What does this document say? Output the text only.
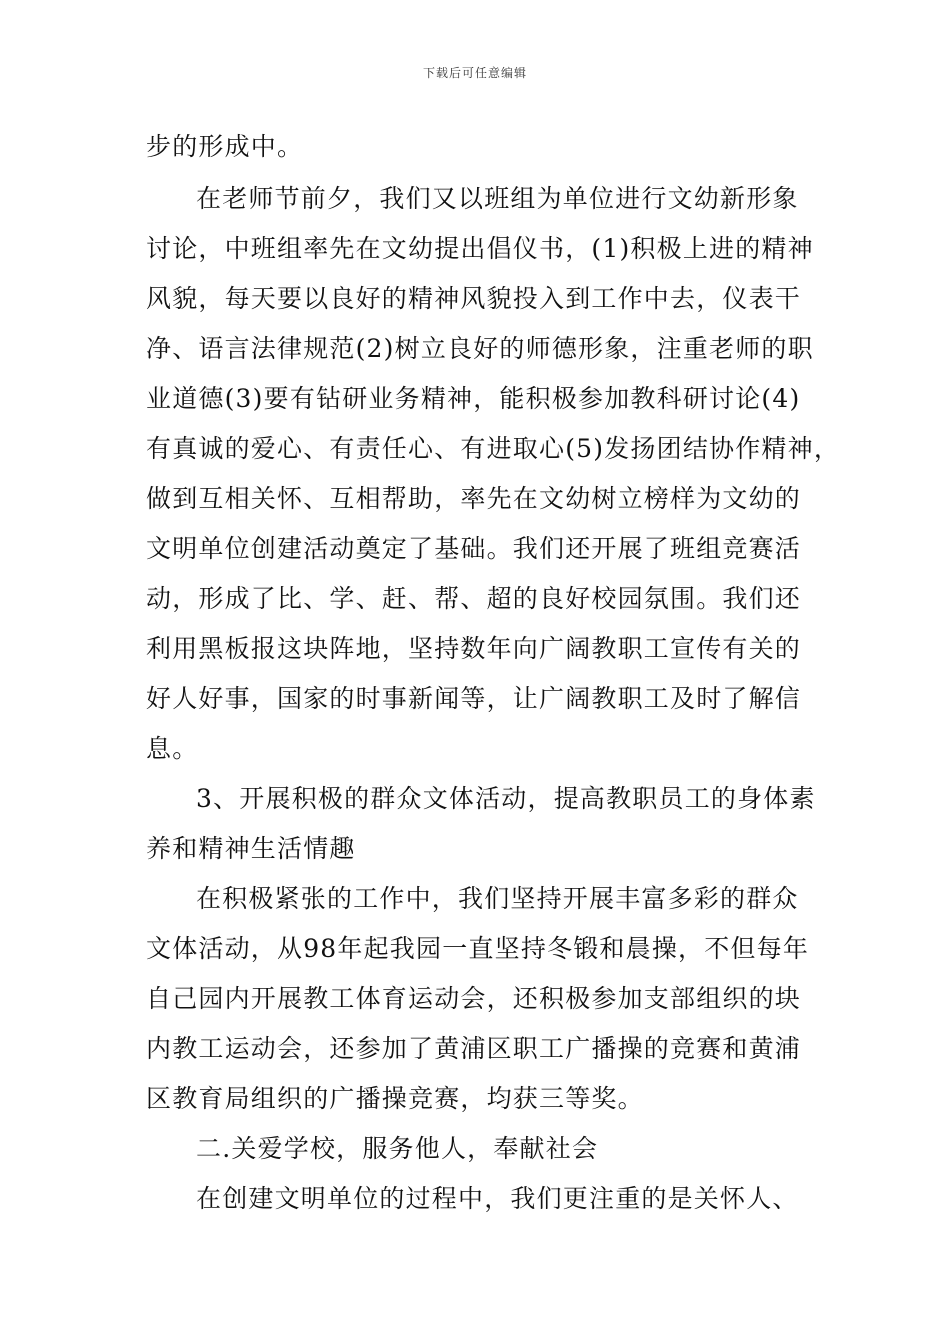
下载后可任意编辑
步的形成中。
在老师节前夕，我们又以班组为单位进行文幼新形象
讨论，中班组率先在文幼提出倡仪书，(1)积极上进的精神
风貌，每天要以良好的精神风貌投入到工作中去，仪表干
净、语言法律规范(2)树立良好的师德形象，注重老师的职
业道德(3)要有钻研业务精神，能积极参加教科研讨论(4)
有真诚的爱心、有责任心、有进取心(5)发扬团结协作精神，
做到互相关怀、互相帮助，率先在文幼树立榜样为文幼的
文明单位创建活动奠定了基础。我们还开展了班组竞赛活
动，形成了比、学、赶、帮、超的良好校园氛围。我们还
利用黑板报这块阵地，坚持数年向广阔教职工宣传有关的
好人好事，国家的时事新闻等，让广阔教职工及时了解信
息。
3、开展积极的群众文体活动，提高教职员工的身体素
养和精神生活情趣
在积极紧张的工作中，我们坚持开展丰富多彩的群众
文体活动，从98年起我园一直坚持冬锻和晨操，不但每年
自己园内开展教工体育运动会，还积极参加支部组织的块
内教工运动会，还参加了黄浦区职工广播操的竞赛和黄浦
区教育局组织的广播操竞赛，均获三等奖。
二.关爱学校，服务他人，奉献社会
在创建文明单位的过程中，我们更注重的是关怀人、
